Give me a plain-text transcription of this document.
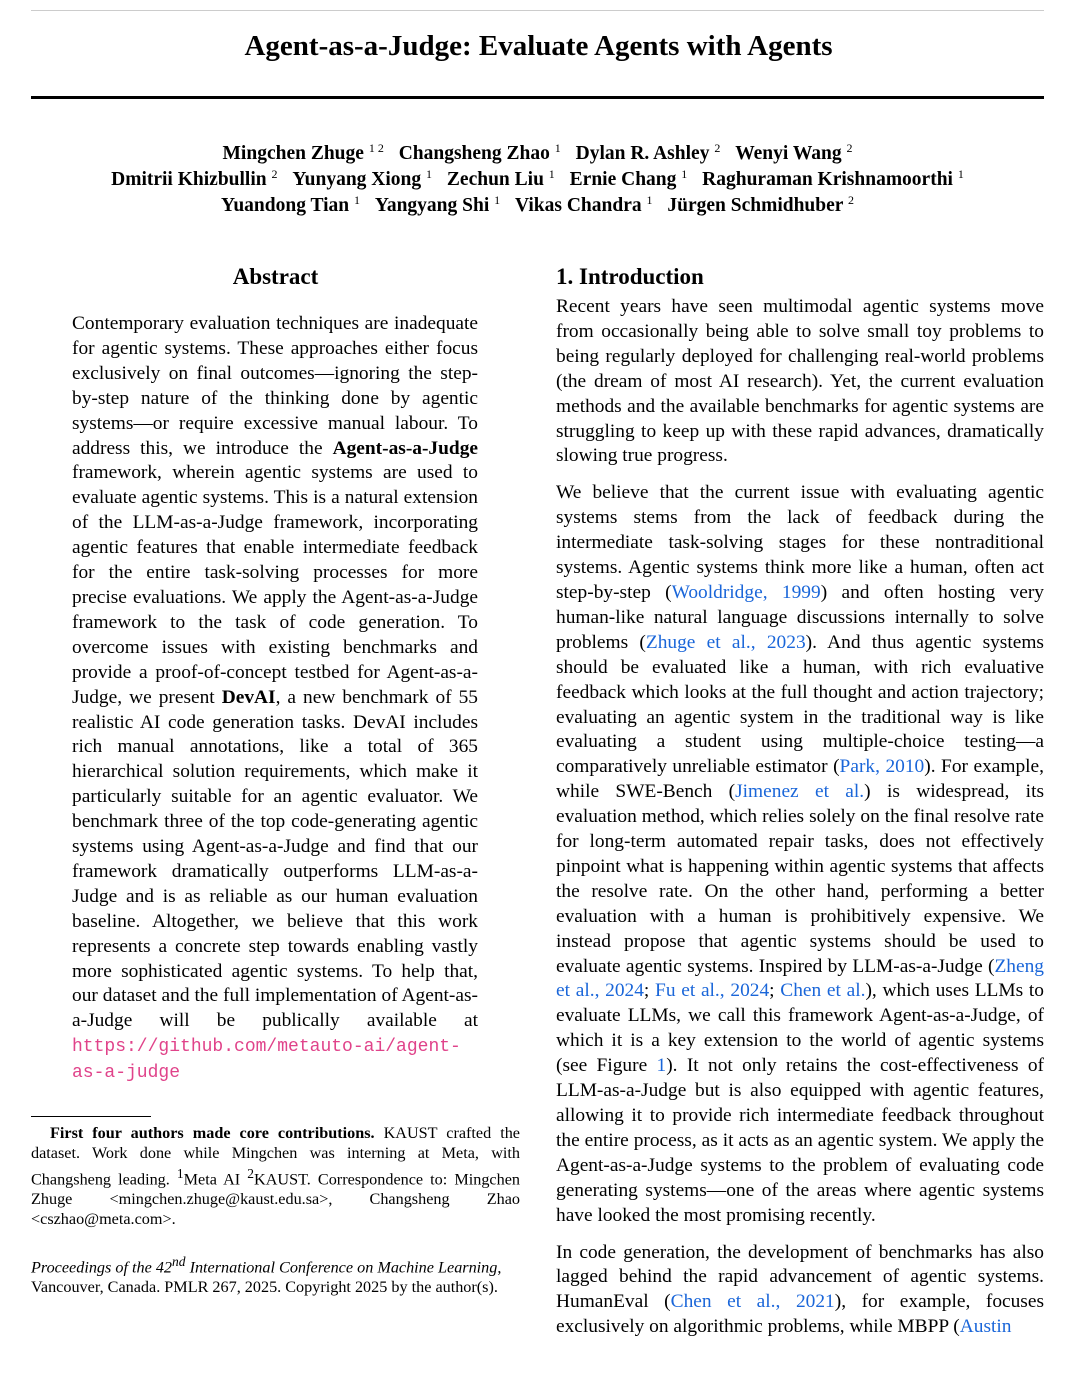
Agent-as-a-Judge: Evaluate Agents with Agents
Mingchen Zhuge $^{1 2}$ Changsheng Zhao $^1$ Dylan R. Ashley $^2$ Wenyi Wang $^2$
Dmitrii Khizbullin $^2$ Yunyang Xiong $^1$ Zechun Liu $^1$ Ernie Chang $^1$ Raghuraman Krishnamoorthi $^1$
Yuandong Tian $^1$ Yangyang Shi $^1$ Vikas Chandra $^1$ Jürgen Schmidhuber $^2$
Abstract

Contemporary evaluation techniques are inadequate for agentic systems. These approaches either focus exclusively on final outcomes—ignoring the step-by-step nature of the thinking done by agentic systems—or require excessive manual labour. To address this, we introduce the Agent-as-a-Judge framework, wherein agentic systems are used to evaluate agentic systems. This is a natural extension of the LLM-as-a-Judge framework, incorporating agentic features that enable intermediate feedback for the entire task-solving processes for more precise evaluations. We apply the Agent-as-a-Judge framework to the task of code generation. To overcome issues with existing benchmarks and provide a proof-of-concept testbed for Agent-as-a-Judge, we present DevAI, a new benchmark of 55 realistic AI code generation tasks. DevAI includes rich manual annotations, like a total of 365 hierarchical solution requirements, which make it particularly suitable for an agentic evaluator. We benchmark three of the top code-generating agentic systems using Agent-as-a-Judge and find that our framework dramatically outperforms LLM-as-a-Judge and is as reliable as our human evaluation baseline. Altogether, we believe that this work represents a concrete step towards enabling vastly more sophisticated agentic systems. To help that, our dataset and the full implementation of Agent-as-a-Judge will be publically available at https://github.com/metauto-ai/agent-as-a-judge

First four authors made core contributions. KAUST crafted the dataset. Work done while Mingchen was interning at Meta, with Changsheng leading. $^1$Meta AI $^2$KAUST. Correspondence to: Mingchen Zhuge <mingchen.zhuge@kaust.edu.sa>, Changsheng Zhao <cszhao@meta.com>.

Proceedings of the 42nd International Conference on Machine Learning, Vancouver, Canada. PMLR 267, 2025. Copyright 2025 by the author(s).

1. Introduction

Recent years have seen multimodal agentic systems move from occasionally being able to solve small toy problems to being regularly deployed for challenging real-world problems (the dream of most AI research). Yet, the current evaluation methods and the available benchmarks for agentic systems are struggling to keep up with these rapid advances, dramatically slowing true progress.

We believe that the current issue with evaluating agentic systems stems from the lack of feedback during the intermediate task-solving stages for these nontraditional systems. Agentic systems think more like a human, often act step-by-step (Wooldridge, 1999) and often hosting very human-like natural language discussions internally to solve problems (Zhuge et al., 2023). And thus agentic systems should be evaluated like a human, with rich evaluative feedback which looks at the full thought and action trajectory; evaluating an agentic system in the traditional way is like evaluating a student using multiple-choice testing—a comparatively unreliable estimator (Park, 2010). For example, while SWE-Bench (Jimenez et al.) is widespread, its evaluation method, which relies solely on the final resolve rate for long-term automated repair tasks, does not effectively pinpoint what is happening within agentic systems that affects the resolve rate. On the other hand, performing a better evaluation with a human is prohibitively expensive. We instead propose that agentic systems should be used to evaluate agentic systems. Inspired by LLM-as-a-Judge (Zheng et al., 2024; Fu et al., 2024; Chen et al.), which uses LLMs to evaluate LLMs, we call this framework Agent-as-a-Judge, of which it is a key extension to the world of agentic systems (see Figure 1). It not only retains the cost-effectiveness of LLM-as-a-Judge but is also equipped with agentic features, allowing it to provide rich intermediate feedback throughout the entire process, as it acts as an agentic system. We apply the Agent-as-a-Judge systems to the problem of evaluating code generating systems—one of the areas where agentic systems have looked the most promising recently.

In code generation, the development of benchmarks has also lagged behind the rapid advancement of agentic systems. HumanEval (Chen et al., 2021), for example, focuses exclusively on algorithmic problems, while MBPP (Austin
